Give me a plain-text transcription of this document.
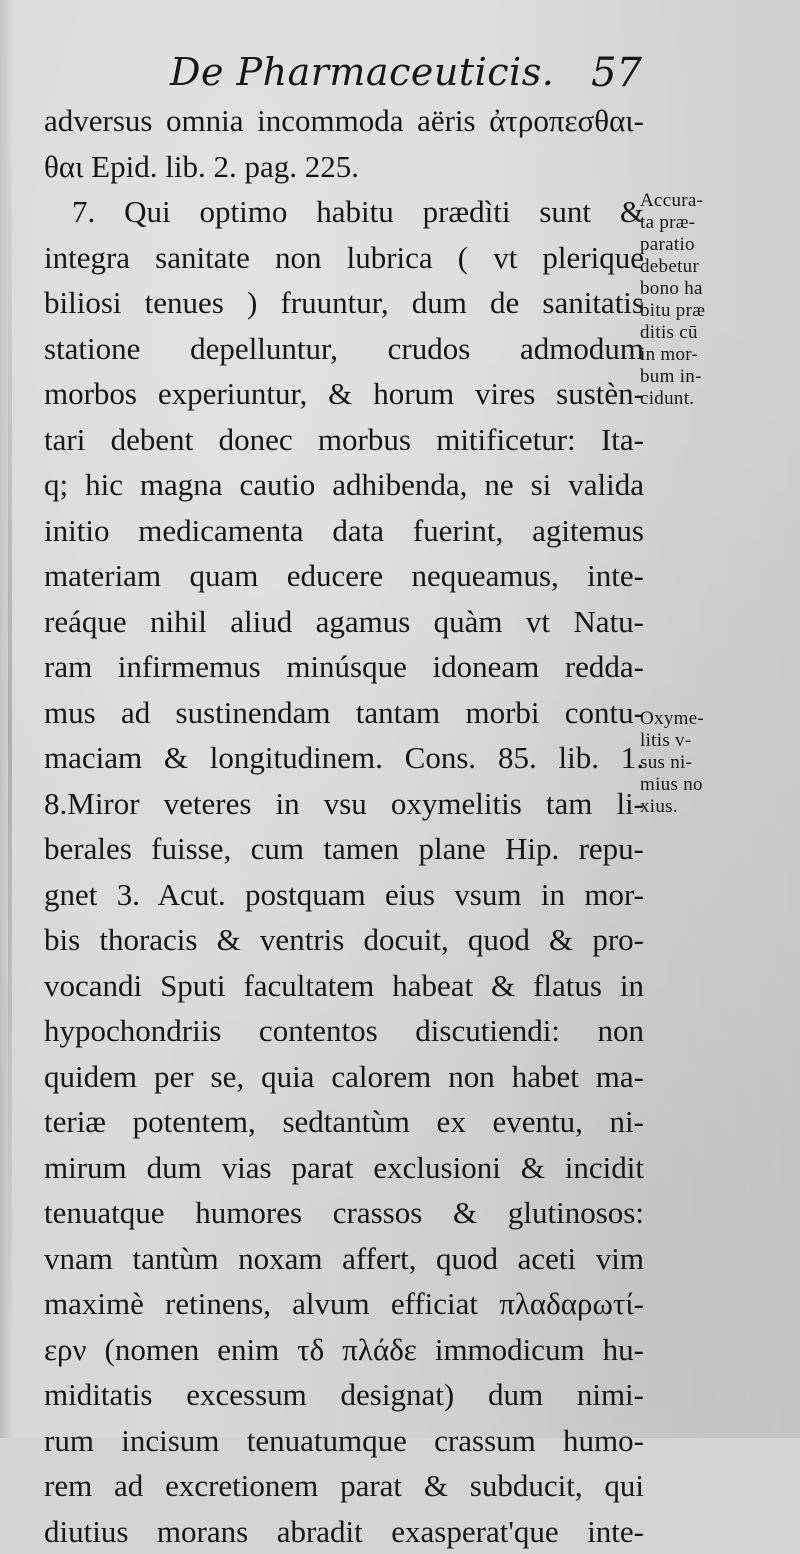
De Pharmaceuticis. 57
adversus omnia incommoda aëris ἀτροπεσθαι-
θαι Epid. lib. 2. pag. 225.
7. Qui optimo habitu prædìti sunt &
integra sanitate non lubrica ( vt plerique
biliosi tenues ) fruuntur, dum de sanitatis
statione depelluntur, crudos admodum
morbos experiuntur, & horum vires sustèn-
tari debent donec morbus mitificetur: Ita-
q; hic magna cautio adhibenda, ne si valida
initio medicamenta data fuerint, agitemus
materiam quam educere nequeamus, inte-
reáque nihil aliud agamus quàm vt Natu-
ram infirmemus minúsque idoneam redda-
mus ad sustinendam tantam morbi contu-
maciam & longitudinem. Cons. 85. lib. 1.
8.Miror veteres in vsu oxymelitis tam li-
berales fuisse, cum tamen plane Hip. repu-
gnet 3. Acut. postquam eius vsum in mor-
bis thoracis & ventris docuit, quod & pro-
vocandi Sputi facultatem habeat & flatus in
hypochondriis contentos discutiendi: non
quidem per se, quia calorem non habet ma-
teriæ potentem, sedtantùm ex eventu, ni-
mirum dum vias parat exclusioni & incidit
tenuatque humores crassos & glutinosos:
vnam tantùm noxam affert, quod aceti vim
maximè retinens, alvum efficiat πλαδαρωτί-
ερν (nomen enim τδ πλάδε immodicum hu-
miditatis excessum designat) dum nimi-
rum incisum tenuatumque crassum humo-
rem ad excretionem parat & subducit, qui
diutius morans abradit exasperat'que inte-
Accura-
ta præ-
paratio
debetur
bono ha
bitu præ
ditis cū
in mor-
bum in-
cidunt.
Oxyme-
litis v-
sus ni-
mius no
xius.
